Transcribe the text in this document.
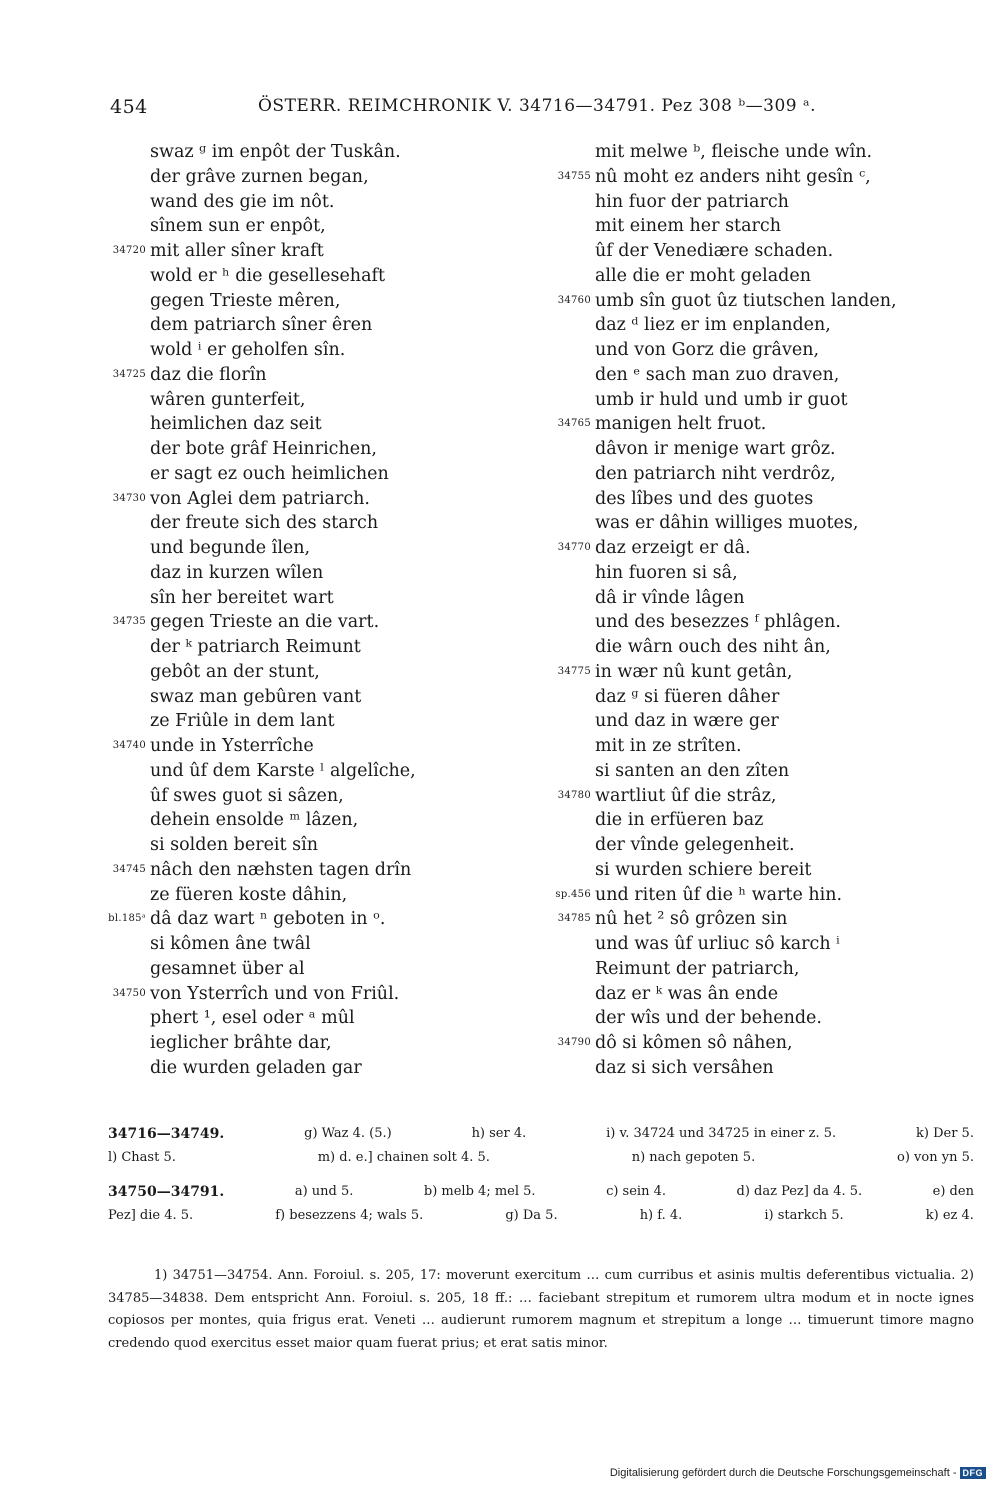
454	ÖSTERR. REIMCHRONIK V. 34716—34791. Pez 308 ᵇ—309 ᵃ.
swaz ᵍ im enpôt der Tuskân.
der grâve zurnen began,
wand des gie im nôt.
sînem sun er enpôt,
34720 mit aller sîner kraft
wold er ʰ die gesellesehaft
gegen Trieste mêren,
dem patriarch sîner êren
wold ⁱ er geholfen sîn.
34725 daz die florîn
wâren gunterfeit,
heimlichen daz seit
der bote grâf Heinrichen,
er sagt ez ouch heimlichen
34730 von Aglei dem patriarch.
der freute sich des starch
und begunde îlen,
daz in kurzen wîlen
sîn her bereitet wart
34735 gegen Trieste an die vart.
der ᵏ patriarch Reimunt
gebôt an der stunt,
swaz man gebûren vant
ze Friûle in dem lant
34740 unde in Ysterrîche
und ûf dem Karste ˡ algelîche,
ûf swes guot si sâzen,
dehein ensolde ᵐ lâzen,
si solden bereit sîn
34745 nâch den næhsten tagen drîn
ze füeren koste dâhin,
bl.185ᵃ dâ daz wart ⁿ geboten in ᵒ.
si kômen âne twâl
gesamnet über al
34750 von Ysterrîch und von Friûl.
phert ¹, esel oder ᵃ mûl
ieglicher brâhte dar,
die wurden geladen gar
mit melwe ᵇ, fleische unde wîn.
34755 nû moht ez anders niht gesîn ᶜ,
hin fuor der patriarch
mit einem her starch
ûf der Venediære schaden.
alle die er moht geladen
34760 umb sîn guot ûz tiutschen landen,
daz ᵈ liez er im enplanden,
und von Gorz die grâven,
den ᵉ sach man zuo draven,
umb ir huld und umb ir guot
34765 manigen helt fruot.
dâvon ir menige wart grôz.
den patriarch niht verdrôz,
des lîbes und des guotes
was er dâhin williges muotes,
34770 daz erzeigt er dâ.
hin fuoren si sâ,
dâ ir vînde lâgen
und des besezzes ᶠ phlâgen.
die wârn ouch des niht ân,
34775 in wær nû kunt getân,
daz ᵍ si füeren dâher
und daz in wære ger
mit in ze strîten.
si santen an den zîten
34780 wartliut ûf die strâz,
die in erfüeren baz
der vînde gelegenheit.
si wurden schiere bereit
sp.456 und riten ûf die ʰ warte hin.
34785 nû het ² sô grôzen sin
und was ûf urliuc sô karch ⁱ
Reimunt der patriarch,
daz er ᵏ was ân ende
der wîs und der behende.
34790 dô si kômen sô nâhen,
daz si sich versâhen
34716—34749.	g) Waz 4. (5.)	h) ser 4.	i) v. 34724 und 34725 in einer z. 5.	k) Der 5.
l) Chast 5.	m) d. e.] chainen solt 4. 5.	n) nach gepoten 5.	o) von yn 5.
34750—34791.	a) und 5.	b) melb 4; mel 5.	c) sein 4.	d) daz Pez] da 4. 5.	e) den
Pez] die 4. 5.	f) besezzens 4; wals 5.	g) Da 5.	h) f. 4.	i) starkch 5.	k) ez 4.

1) 34751—34754. Ann. Foroiul. s. 205, 17: moverunt exercitum … cum curribus et asinis multis deferentibus victualia. 2) 34785—34838. Dem entspricht Ann. Foroiul. s. 205, 18 ff.: … faciebant strepitum et rumorem ultra modum et in nocte ignes copiosos per montes, quia frigus erat. Veneti … audierunt rumorem magnum et strepitum a longe … timuerunt timore magno credendo quod exercitus esset maior quam fuerat prius; et erat satis minor.

Digitalisierung gefördert durch die Deutsche Forschungsgemeinschaft - DFG
